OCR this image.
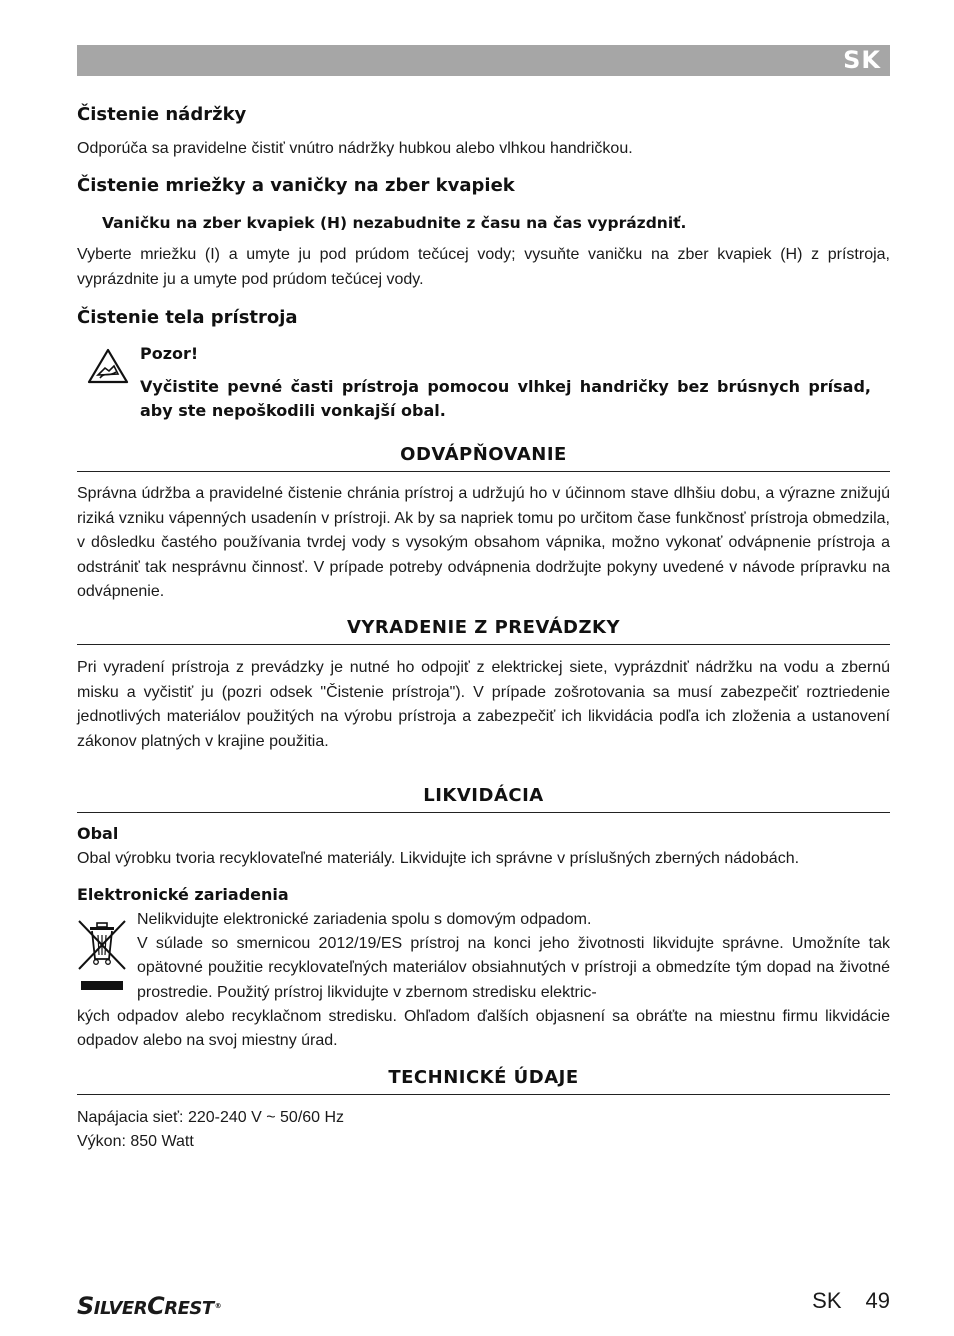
SK
Čistenie nádržky
Odporúča sa pravidelne čistiť vnútro nádržky hubkou alebo vlhkou handričkou.
Čistenie mriežky a vaničky na zber kvapiek
Vaničku na zber kvapiek (H) nezabudnite z času na čas vyprázdniť.
Vyberte mriežku (I) a umyte ju pod prúdom tečúcej vody; vysuňte vaničku na zber kvapiek (H) z prístroja, vyprázdnite ju a umyte pod prúdom tečúcej vody.
Čistenie tela prístroja
Pozor!
Vyčistite pevné časti prístroja pomocou vlhkej handričky bez brúsnych prísad, aby ste nepoškodili vonkajší obal.
ODVÁPŇOVANIE
Správna údržba a pravidelné čistenie chránia prístroj a udržujú ho v účinnom stave dlhšiu dobu, a výrazne znižujú riziká vzniku vápenných usadenín v prístroji. Ak by sa napriek tomu po určitom čase funkčnosť prístroja obmedzila, v dôsledku častého používania tvrdej vody s vysokým obsahom vápnika, možno vykonať odvápnenie prístroja a odstrániť tak nesprávnu činnosť. V prípade potreby odvápnenia dodržujte pokyny uvedené v návode prípravku na odvápnenie.
VYRADENIE Z PREVÁDZKY
Pri vyradení prístroja z prevádzky je nutné ho odpojiť z elektrickej siete, vyprázdniť nádržku na vodu a zbernú misku a vyčistiť ju (pozri odsek "Čistenie prístroja"). V prípade zošrotovania sa musí zabezpečiť roztriedenie jednotlivých materiálov použitých na výrobu prístroja a zabezpečiť ich likvidácia podľa ich zloženia a ustanovení zákonov platných v krajine použitia.
LIKVIDÁCIA
Obal
Obal výrobku tvoria recyklovateľné materiály. Likvidujte ich správne v príslušných zberných nádobách.
Elektronické zariadenia
Nelikvidujte elektronické zariadenia spolu s domovým odpadom.
V súlade so smernicou 2012/19/ES prístroj na konci jeho životnosti likvidujte správne. Umožníte tak opätovné použitie recyklovateľných materiálov obsiahnutých v prístroji a obmedzíte tým dopad na životné prostredie. Použitý prístroj likvidujte v zbernom stredisku elektric-
kých odpadov alebo recyklačnom stredisku. Ohľadom ďalších objasnení sa obráťte na miestnu firmu likvidácie odpadov alebo na svoj miestny úrad.
TECHNICKÉ ÚDAJE
Napájacia sieť: 220-240 V ~ 50/60 Hz
Výkon: 850 Watt
SILVERCREST®	SK 49
